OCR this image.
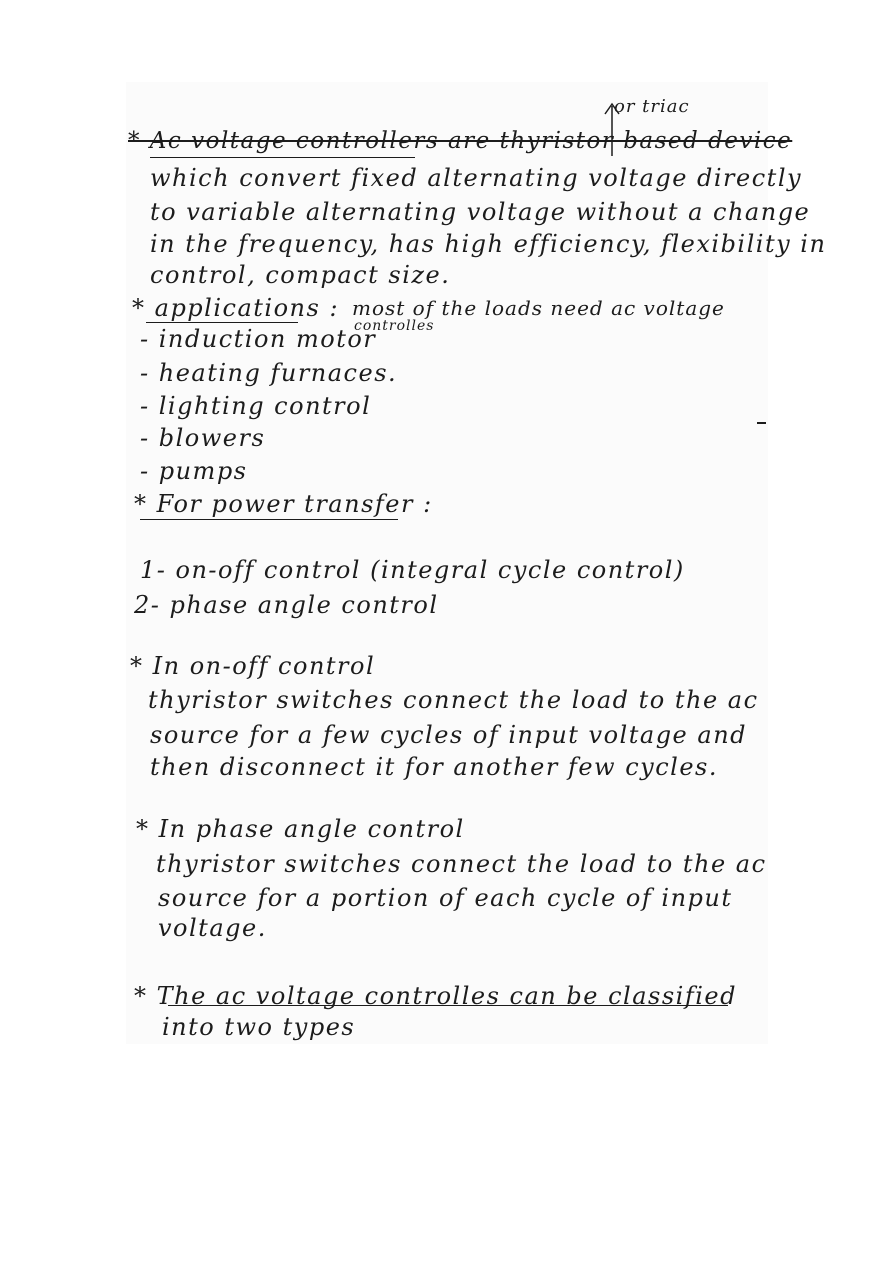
or triac
* Ac voltage controllers are thyristor based device
which convert fixed alternating voltage directly
to variable alternating voltage without a change
in the frequency, has high efficiency, flexibility in
control, compact size.
* applications : most of the loads need ac voltage
controlles
- induction motor
- heating furnaces.
- lighting control
- blowers
- pumps
* For power transfer :
1- on-off control (integral cycle control)
2- phase angle control
* In on-off control
thyristor switches connect the load to the ac
source for a few cycles of input voltage and
then disconnect it for another few cycles.
* In phase angle control
thyristor switches connect the load to the ac
source for a portion of each cycle of input
voltage.
* The ac voltage controlles can be classified
into two types
